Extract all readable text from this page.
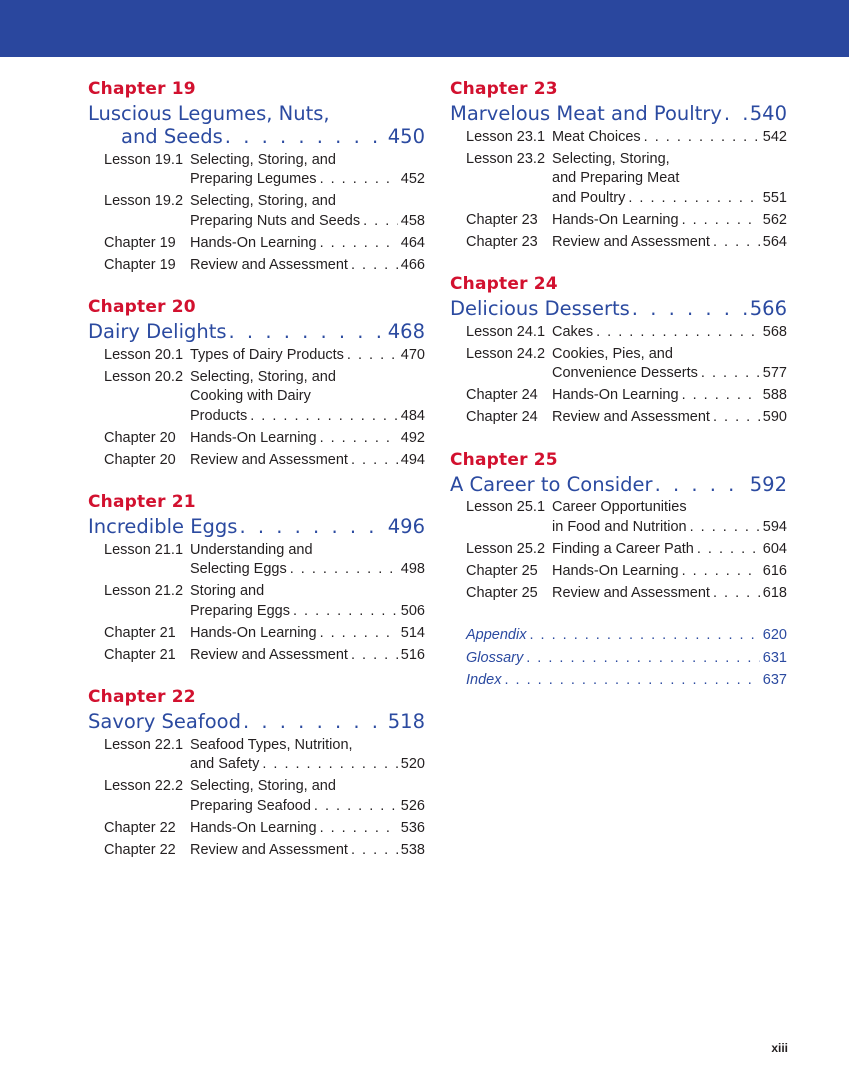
Chapter 19
Luscious Legumes, Nuts,
and Seeds . . .	450
Lesson 19.1 Selecting, Storing, and
Preparing Legumes . . .	452
Lesson 19.2 Selecting, Storing, and
Preparing Nuts and Seeds . . .	458
Chapter 19 Hands-On Learning . . .	464
Chapter 19 Review and Assessment . . .	466
Chapter 20
Dairy Delights . . .	468
Lesson 20.1 Types of Dairy Products . . .	470
Lesson 20.2 Selecting, Storing, and
Cooking with Dairy
Products . . .	484
Chapter 20 Hands-On Learning . . .	492
Chapter 20 Review and Assessment . . .	494
Chapter 21
Incredible Eggs . . .	496
Lesson 21.1 Understanding and
Selecting Eggs . . .	498
Lesson 21.2 Storing and
Preparing Eggs . . .	506
Chapter 21 Hands-On Learning . . .	514
Chapter 21 Review and Assessment . . .	516
Chapter 22
Savory Seafood . . .	518
Lesson 22.1 Seafood Types, Nutrition,
and Safety . . .	520
Lesson 22.2 Selecting, Storing, and
Preparing Seafood . . .	526
Chapter 22 Hands-On Learning . . .	536
Chapter 22 Review and Assessment . . .	538
Chapter 23
Marvelous Meat and Poultry . . . 540
Lesson 23.1 Meat Choices . . .	542
Lesson 23.2 Selecting, Storing,
and Preparing Meat
and Poultry . . .	551
Chapter 23 Hands-On Learning . . .	562
Chapter 23 Review and Assessment . . .	564
Chapter 24
Delicious Desserts . . .	566
Lesson 24.1 Cakes . . .	568
Lesson 24.2 Cookies, Pies, and
Convenience Desserts . . .	577
Chapter 24 Hands-On Learning . . .	588
Chapter 24 Review and Assessment . . .	590
Chapter 25
A Career to Consider . . .	592
Lesson 25.1 Career Opportunities
in Food and Nutrition . . .	594
Lesson 25.2 Finding a Career Path . . .	604
Chapter 25 Hands-On Learning . . .	616
Chapter 25 Review and Assessment . . .	618
Appendix . . .	620
Glossary . . .	631
Index . . .	637
xiii
